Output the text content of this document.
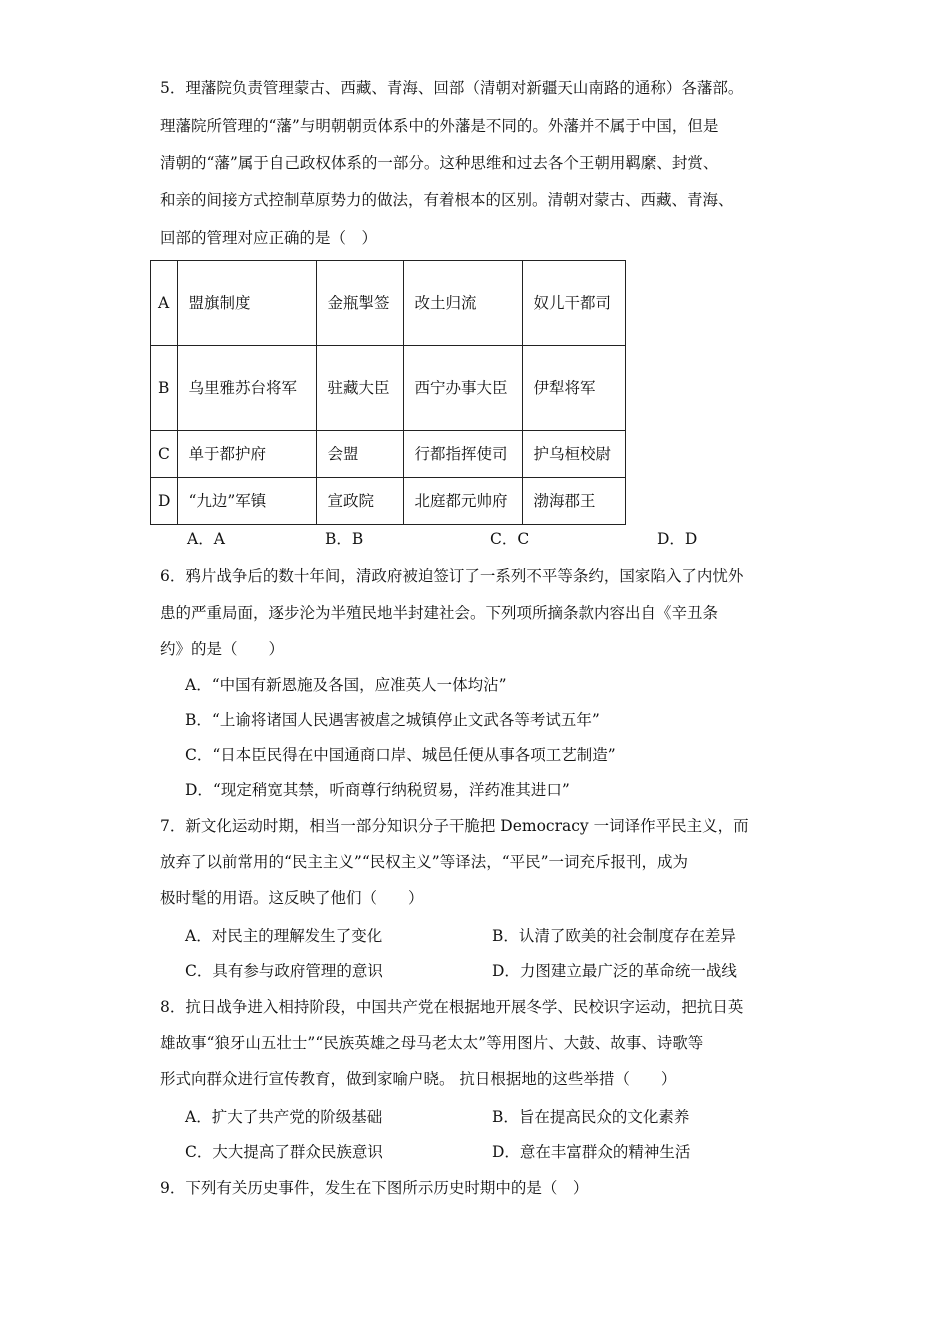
5．理藩院负责管理蒙古、西藏、青海、回部（清朝对新疆天山南路的通称）各藩部。
理藩院所管理的“藩”与明朝朝贡体系中的外藩是不同的。外藩并不属于中国，但是
清朝的“藩”属于自己政权体系的一部分。这种思维和过去各个王朝用羁縻、封赏、
和亲的间接方式控制草原势力的做法，有着根本的区别。清朝对蒙古、西藏、青海、
回部的管理对应正确的是（　）
A	盟旗制度	金瓶掣签	改土归流	奴儿干都司
B	乌里雅苏台将军	驻藏大臣	西宁办事大臣	伊犁将军
C	单于都护府	会盟	行都指挥使司	护乌桓校尉
D	“九边”军镇	宣政院	北庭都元帅府	渤海郡王
A．A	B．B	C．C	D．D
6．鸦片战争后的数十年间，清政府被迫签订了一系列不平等条约，国家陷入了内忧外
患的严重局面，逐步沦为半殖民地半封建社会。下列项所摘条款内容出自《辛丑条
约》的是（　　）
A．“中国有新恩施及各国，应准英人一体均沾”
B．“上谕将诸国人民遇害被虐之城镇停止文武各等考试五年”
C．“日本臣民得在中国通商口岸、城邑任便从事各项工艺制造”
D．“现定稍宽其禁，听商尊行纳税贸易，洋药准其进口”
7．新文化运动时期，相当一部分知识分子干脆把 Democracy 一词译作平民主义，而
放弃了以前常用的“民主主义”“民权主义”等译法，“平民”一词充斥报刊，成为
极时髦的用语。这反映了他们（　　）
A．对民主的理解发生了变化	B．认清了欧美的社会制度存在差异
C．具有参与政府管理的意识	D．力图建立最广泛的革命统一战线
8．抗日战争进入相持阶段，中国共产党在根据地开展冬学、民校识字运动，把抗日英
雄故事“狼牙山五壮士”“民族英雄之母马老太太”等用图片、大鼓、故事、诗歌等
形式向群众进行宣传教育，做到家喻户晓。 抗日根据地的这些举措（　　）
A．扩大了共产党的阶级基础	B．旨在提高民众的文化素养
C．大大提高了群众民族意识	D．意在丰富群众的精神生活
9．下列有关历史事件，发生在下图所示历史时期中的是（　）
